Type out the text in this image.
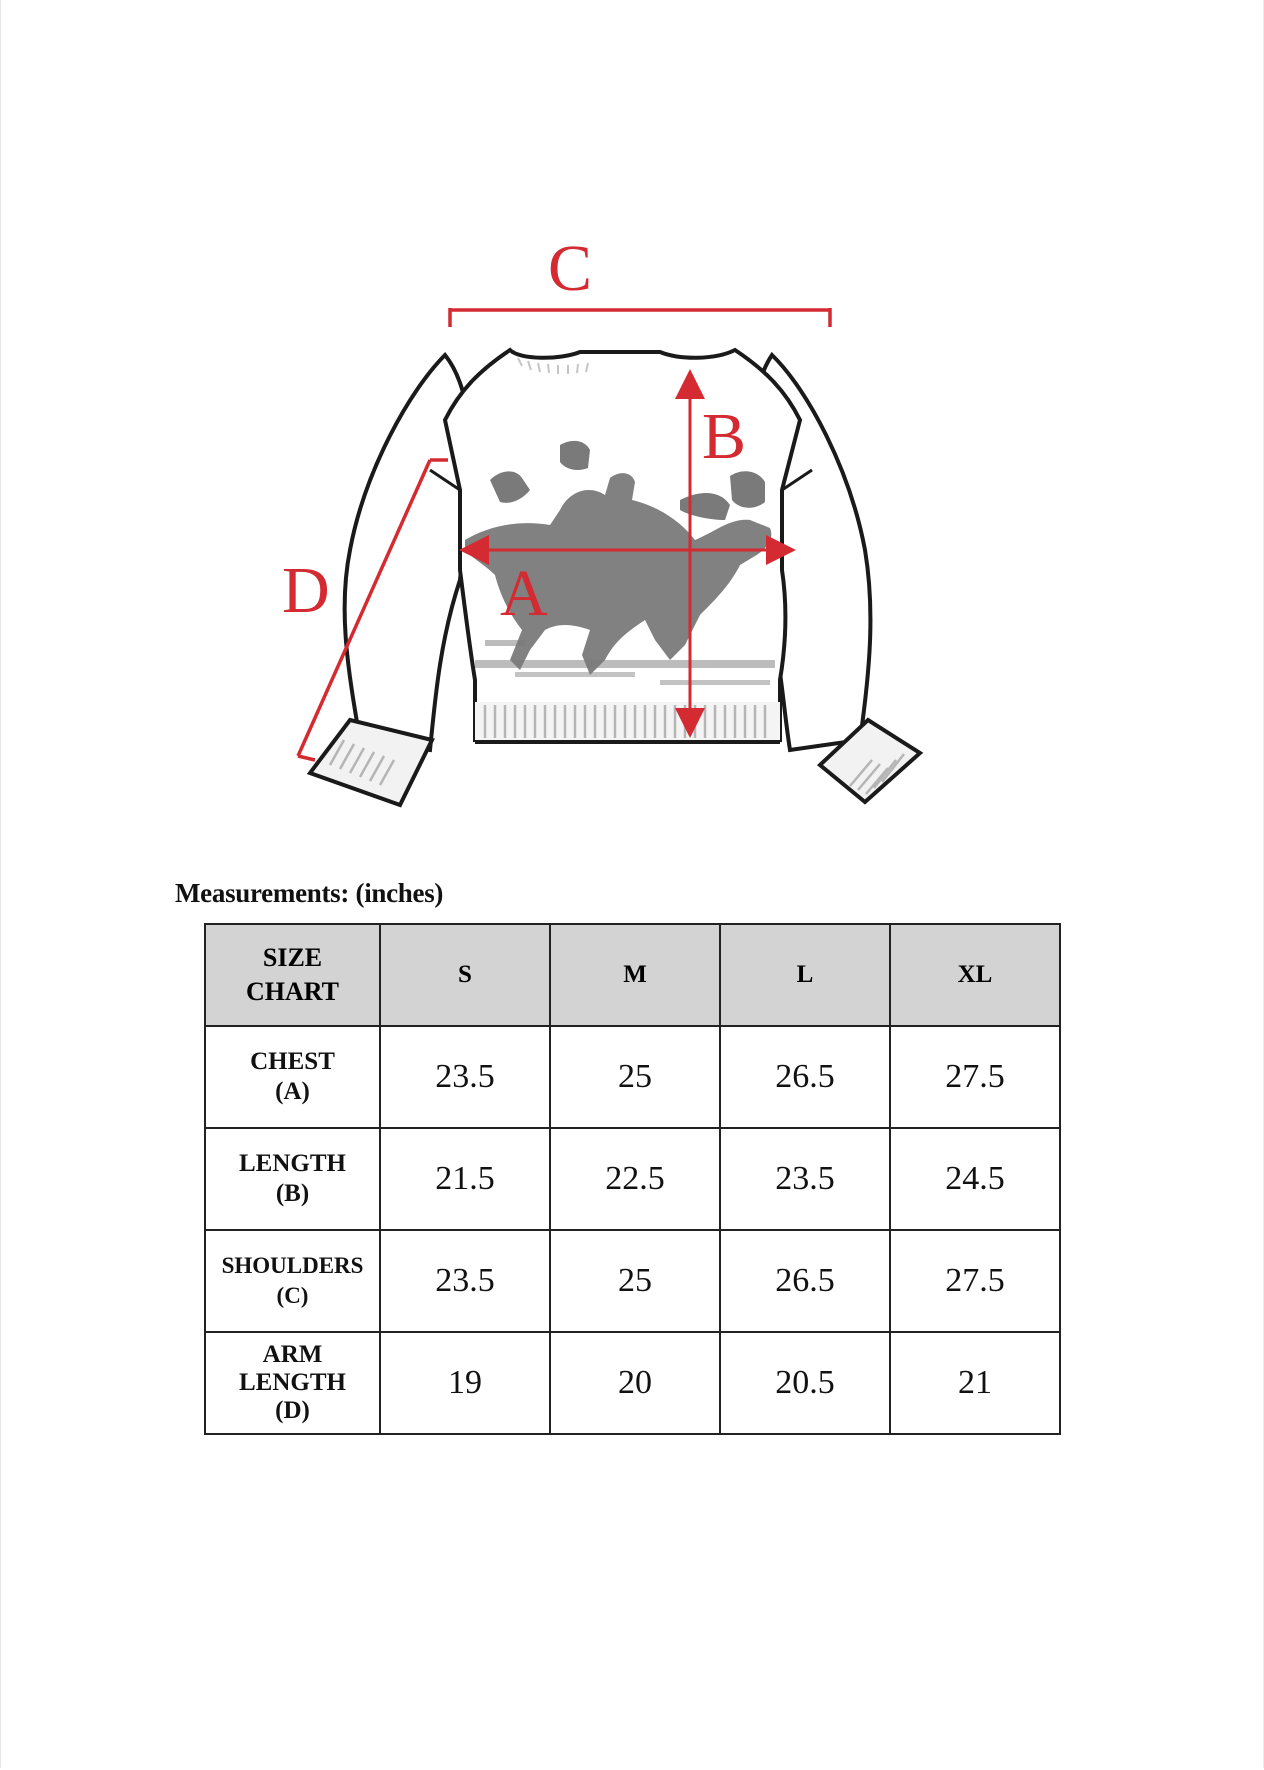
C
B
A
D
Measurements: (inches)
SIZE
CHART	S	M	L	XL
CHEST
(A)	23.5	25	26.5	27.5
LENGTH
(B)	21.5	22.5	23.5	24.5
SHOULDERS
(C)	23.5	25	26.5	27.5
ARM
LENGTH
(D)	19	20	20.5	21
